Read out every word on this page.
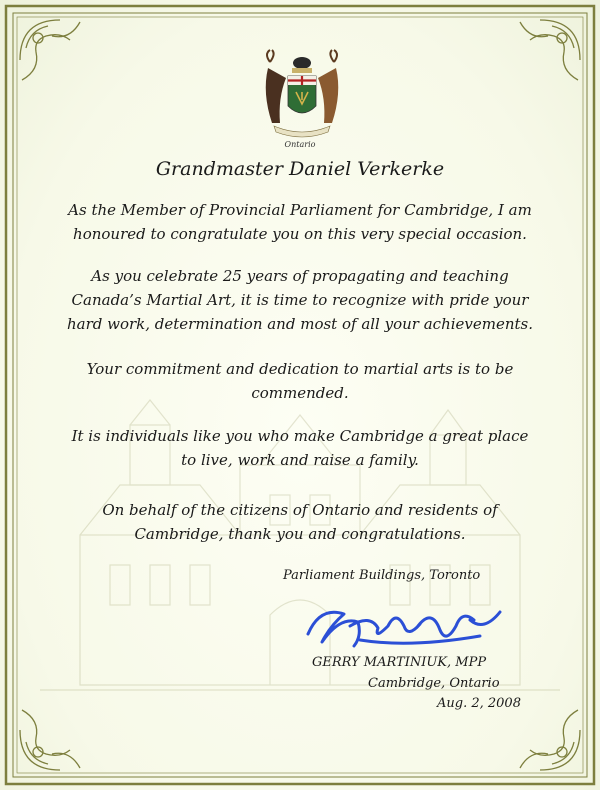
Ontario
Grandmaster Daniel Verkerke

As the Member of Provincial Parliament for Cambridge, I am
honoured to congratulate you on this very special occasion.

As you celebrate 25 years of propagating and teaching
Canada’s Martial Art, it is time to recognize with pride your
hard work, determination and most of all your achievements.

Your commitment and dedication to martial arts is to be
commended.

It is individuals like you who make Cambridge a great place
to live, work and raise a family.

On behalf of the citizens of Ontario and residents of
Cambridge, thank you and congratulations.

Parliament Buildings, Toronto
GERRY MARTINIUK, MPP
Cambridge, Ontario
Aug. 2, 2008
